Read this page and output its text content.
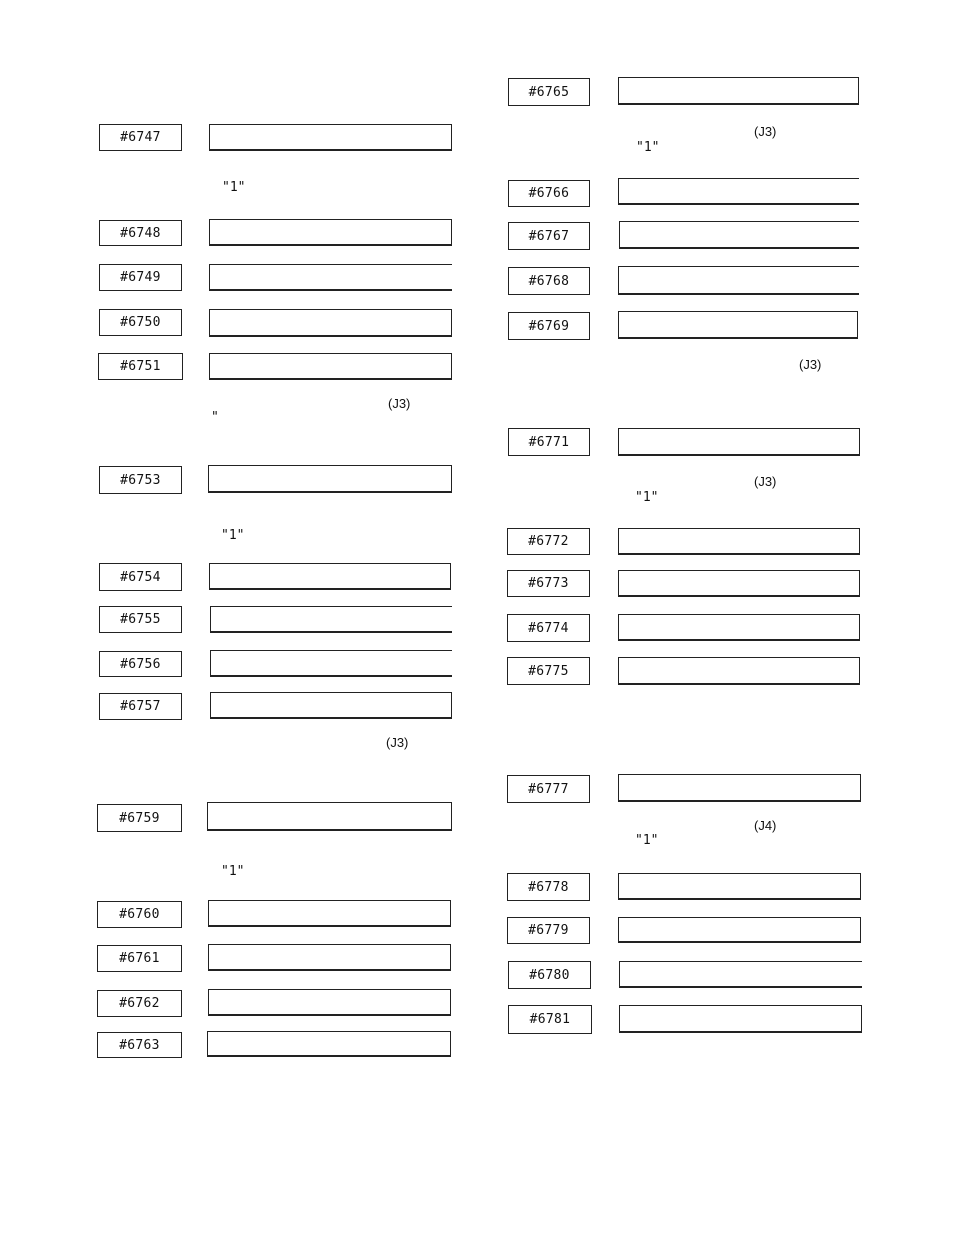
#6747
"1"
#6748
#6749
#6750
#6751
(J3)
"
#6753
"1"
#6754
#6755
#6756
#6757
(J3)
#6759
"1"
#6760
#6761
#6762
#6763
#6765
(J3)
"1"
#6766
#6767
#6768
#6769
(J3)
#6771
(J3)
"1"
#6772
#6773
#6774
#6775
#6777
(J4)
"1"
#6778
#6779
#6780
#6781
